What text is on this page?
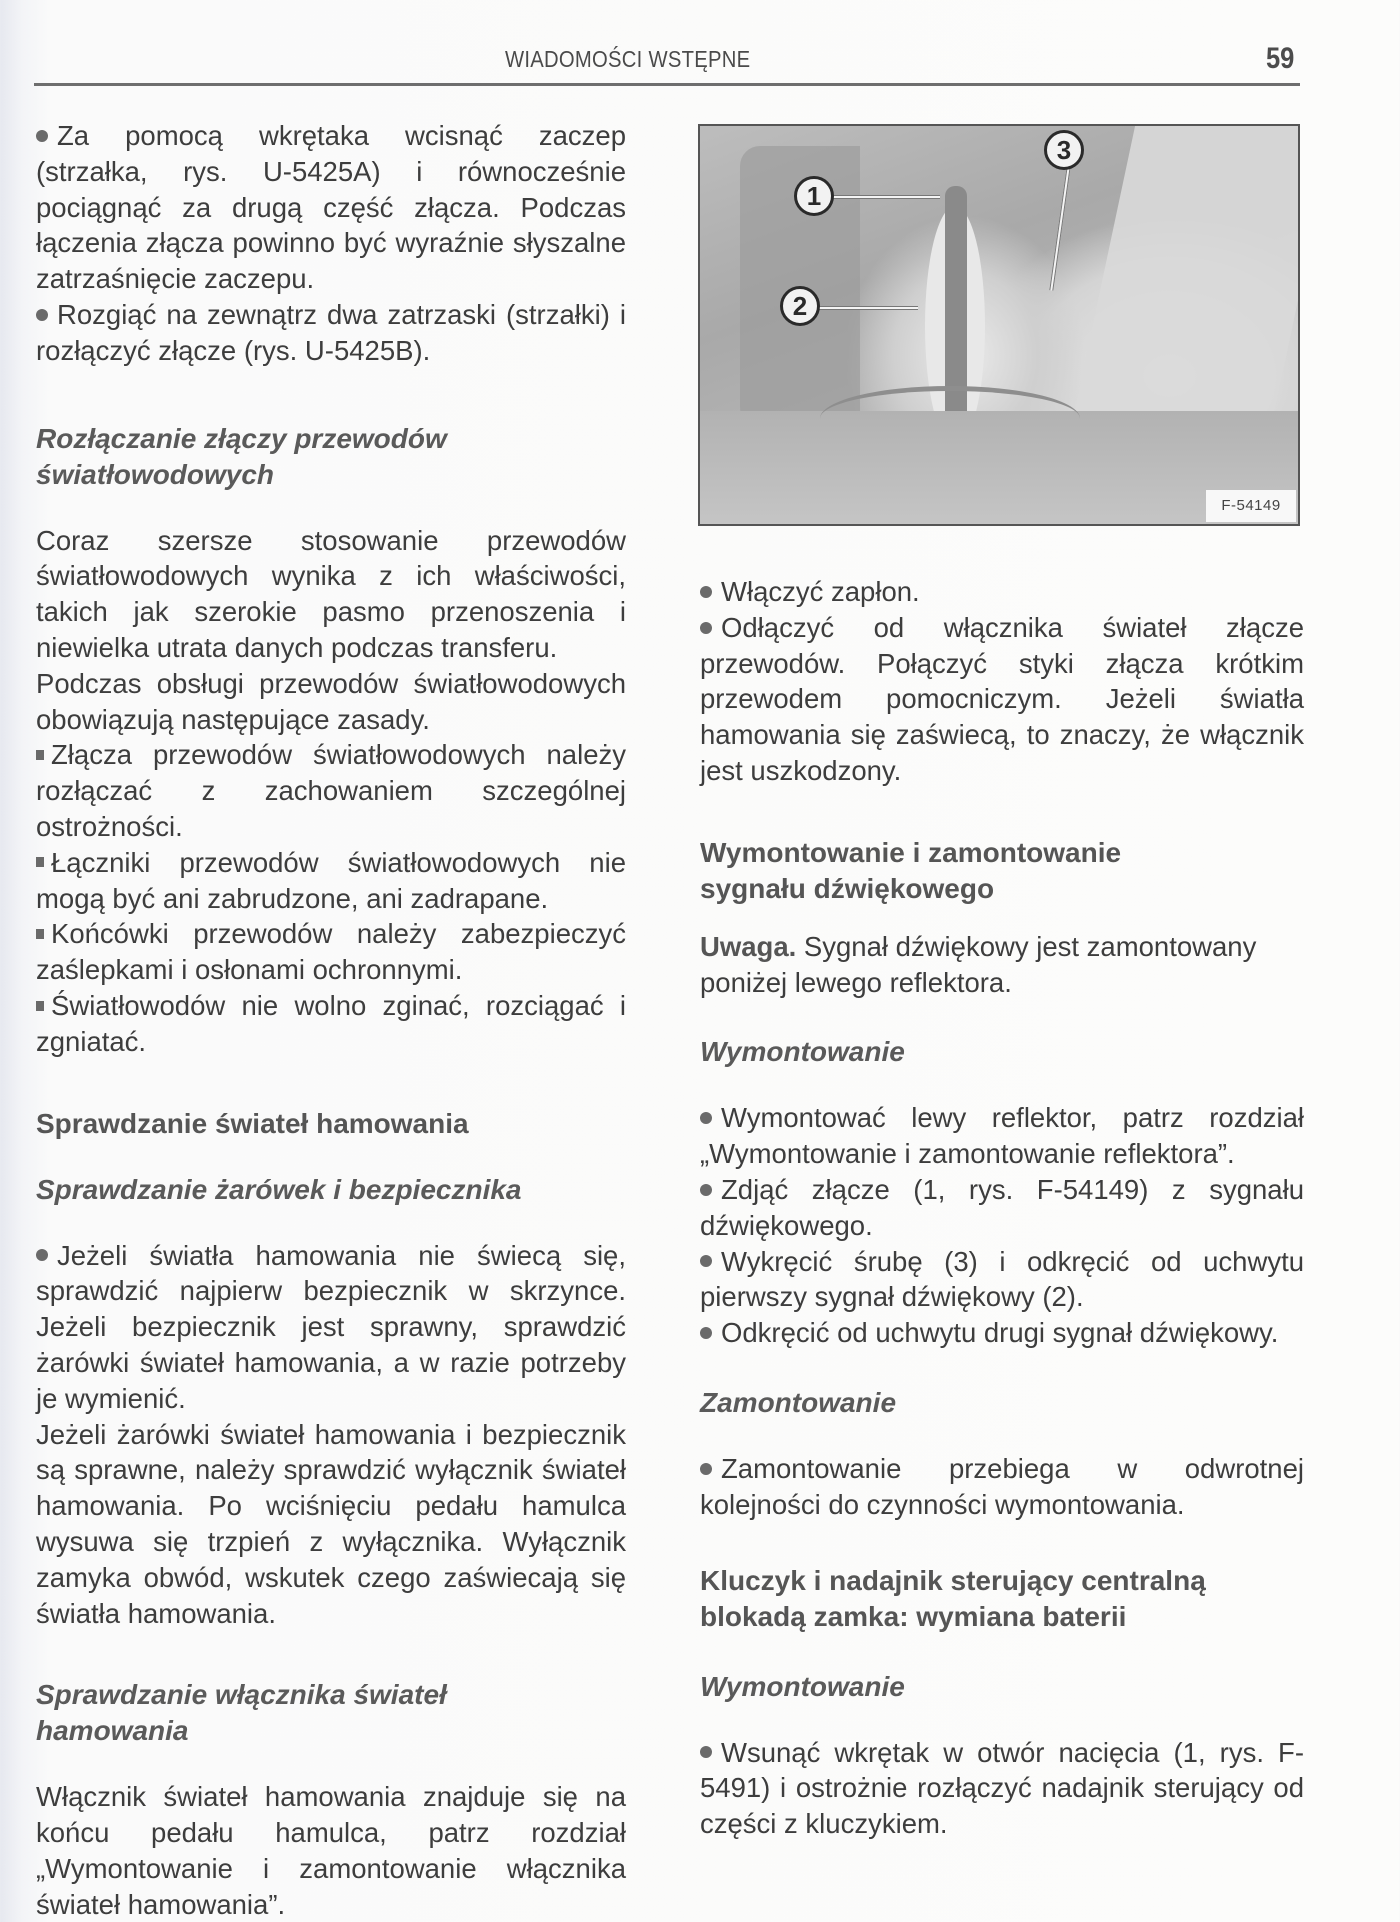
WIADOMOŚCI WSTĘPNE	59
Za pomocą wkrętaka wcisnąć zaczep (strzałka, rys. U-5425A) i równocześnie pociągnąć za drugą część złącza. Podczas łączenia złącza powinno być wyraźnie słyszalne zatrzaśnięcie zaczepu.
Rozgiąć na zewnątrz dwa zatrzaski (strzałki) i rozłączyć złącze (rys. U-5425B).
Rozłączanie złączy przewodów światłowodowych

Coraz szersze stosowanie przewodów światłowodowych wynika z ich właściwości, takich jak szerokie pasmo przenoszenia i niewielka utrata danych podczas transferu.

Podczas obsługi przewodów światłowodowych obowiązują następujące zasady.

Złącza przewodów światłowodowych należy rozłączać z zachowaniem szczególnej ostrożności.
Łączniki przewodów światłowodowych nie mogą być ani zabrudzone, ani zadrapane.
Końcówki przewodów należy zabezpieczyć zaślepkami i osłonami ochronnymi.
Światłowodów nie wolno zginać, rozciągać i zgniatać.
Sprawdzanie świateł hamowania
Sprawdzanie żarówek i bezpiecznika
Jeżeli światła hamowania nie świecą się, sprawdzić najpierw bezpiecznik w skrzynce. Jeżeli bezpiecznik jest sprawny, sprawdzić żarówki świateł hamowania, a w razie potrzeby je wymienić.

Jeżeli żarówki świateł hamowania i bezpiecznik są sprawne, należy sprawdzić wyłącznik świateł hamowania. Po wciśnięciu pedału hamulca wysuwa się trzpień z wyłącznika. Wyłącznik zamyka obwód, wskutek czego zaświecają się światła hamowania.

Sprawdzanie włącznika świateł hamowania

Włącznik świateł hamowania znajduje się na końcu pedału hamulca, patrz rozdział „Wymontowanie i zamontowanie włącznika świateł hamowania”.

1
2
3
F-54149
Włączyć zapłon.
Odłączyć od włącznika świateł złącze przewodów. Połączyć styki złącza krótkim przewodem pomocniczym. Jeżeli światła hamowania się zaświecą, to znaczy, że włącznik jest uszkodzony.
Wymontowanie i zamontowanie sygnału dźwiękowego

Uwaga. Sygnał dźwiękowy jest zamontowany poniżej lewego reflektora.

Wymontowanie
Wymontować lewy reflektor, patrz rozdział „Wymontowanie i zamontowanie reflektora”.
Zdjąć złącze (1, rys. F-54149) z sygnału dźwiękowego.
Wykręcić śrubę (3) i odkręcić od uchwytu pierwszy sygnał dźwiękowy (2).
Odkręcić od uchwytu drugi sygnał dźwiękowy.
Zamontowanie
Zamontowanie przebiega w odwrotnej kolejności do czynności wymontowania.
Kluczyk i nadajnik sterujący centralną blokadą zamka: wymiana baterii
Wymontowanie
Wsunąć wkrętak w otwór nacięcia (1, rys. F-5491) i ostrożnie rozłączyć nadajnik sterujący od części z kluczykiem.
